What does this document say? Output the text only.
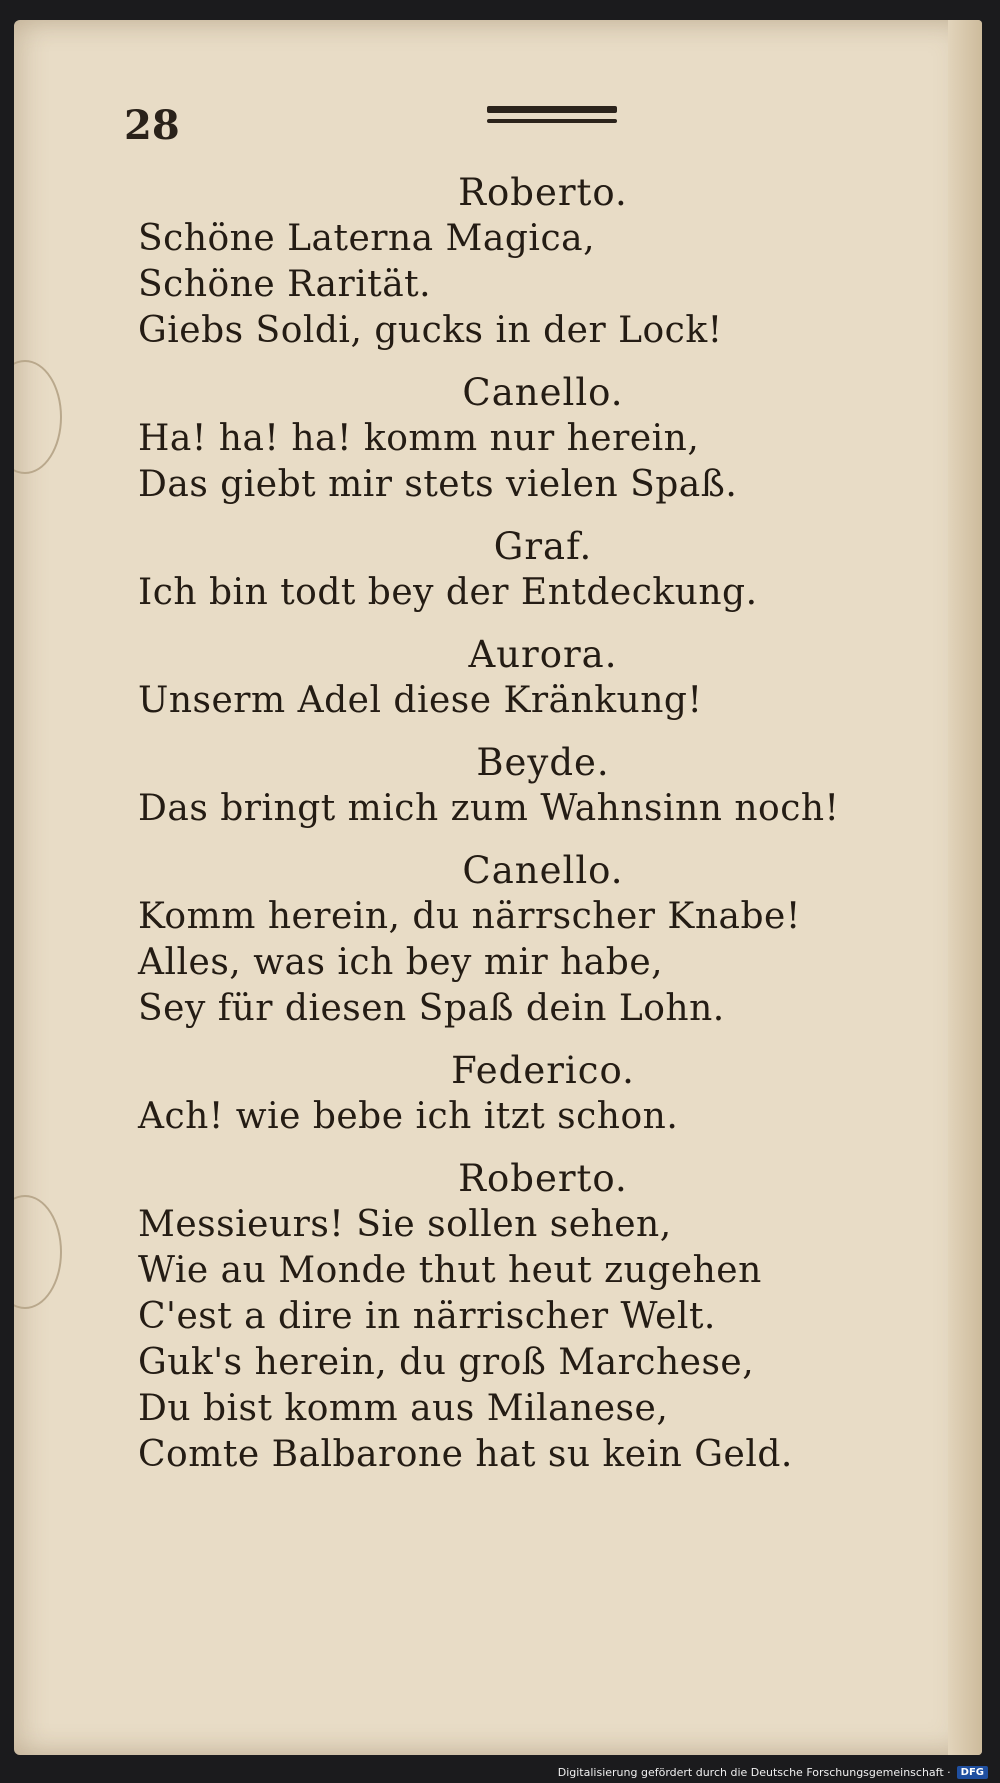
28
Roberto.
Schöne Laterna Magica,
Schöne Rarität.
Giebs Soldi, gucks in der Lock!
Canello.
Ha! ha! ha! komm nur herein,
Das giebt mir stets vielen Spaß.
Graf.
Ich bin todt bey der Entdeckung.
Aurora.
Unserm Adel diese Kränkung!
Beyde.
Das bringt mich zum Wahnsinn noch!
Canello.
Komm herein, du närrscher Knabe!
Alles, was ich bey mir habe,
Sey für diesen Spaß dein Lohn.
Federico.
Ach! wie bebe ich itzt schon.
Roberto.
Messieurs! Sie sollen sehen,
Wie au Monde thut heut zugehen
C'est a dire in närrischer Welt.
Guk's herein, du groß Marchese,
Du bist komm aus Milanese,
Comte Balbarone hat su kein Geld.
Digitalisierung gefördert durch die Deutsche Forschungsgemeinschaft ·	DFG
